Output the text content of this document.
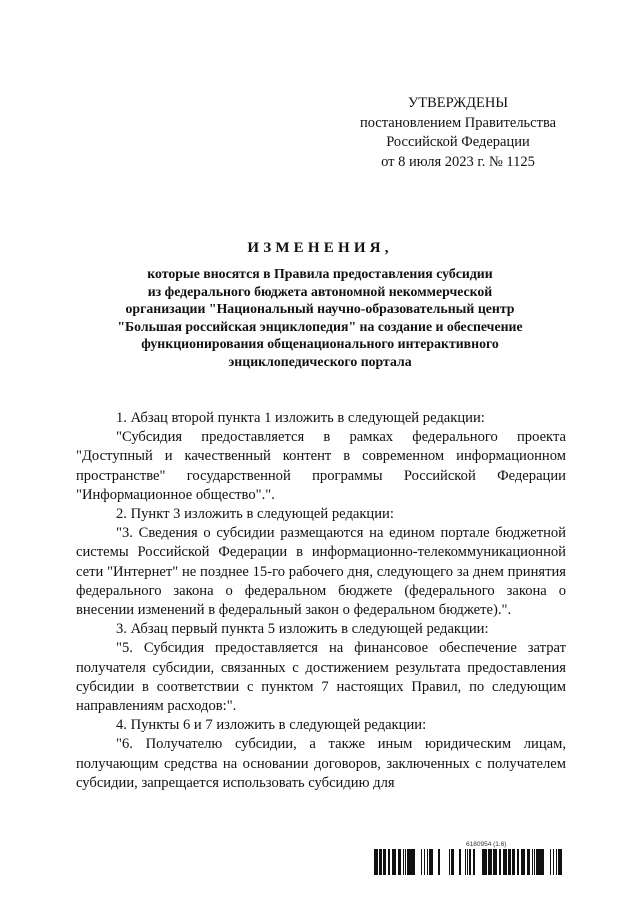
УТВЕРЖДЕНЫ
постановлением Правительства
Российской Федерации
от 8 июля 2023 г. № 1125
ИЗМЕНЕНИЯ,
которые вносятся в Правила предоставления субсидии
из федерального бюджета автономной некоммерческой
организации "Национальный научно-образовательный центр
"Большая российская энциклопедия" на создание и обеспечение
функционирования общенационального интерактивного
энциклопедического портала

1. Абзац второй пункта 1 изложить в следующей редакции:

"Субсидия предоставляется в рамках федерального проекта "Доступный и качественный контент в современном информационном пространстве" государственной программы Российской Федерации "Информационное общество".".

2. Пункт 3 изложить в следующей редакции:

"3. Сведения о субсидии размещаются на едином портале бюджетной системы Российской Федерации в информационно-телекоммуникационной сети "Интернет" не позднее 15-го рабочего дня, следующего за днем принятия федерального закона о федеральном бюджете (федерального закона о внесении изменений в федеральный закон о федеральном бюджете).".

3. Абзац первый пункта 5 изложить в следующей редакции:

"5. Субсидия предоставляется на финансовое обеспечение затрат получателя субсидии, связанных с достижением результата предоставления субсидии в соответствии с пунктом 7 настоящих Правил, по следующим направлениям расходов:".

4. Пункты 6 и 7 изложить в следующей редакции:

"6. Получателю субсидии, а также иным юридическим лицам, получающим средства на основании договоров, заключенных с получателем субсидии, запрещается использовать субсидию для

6180954 (1.6)
